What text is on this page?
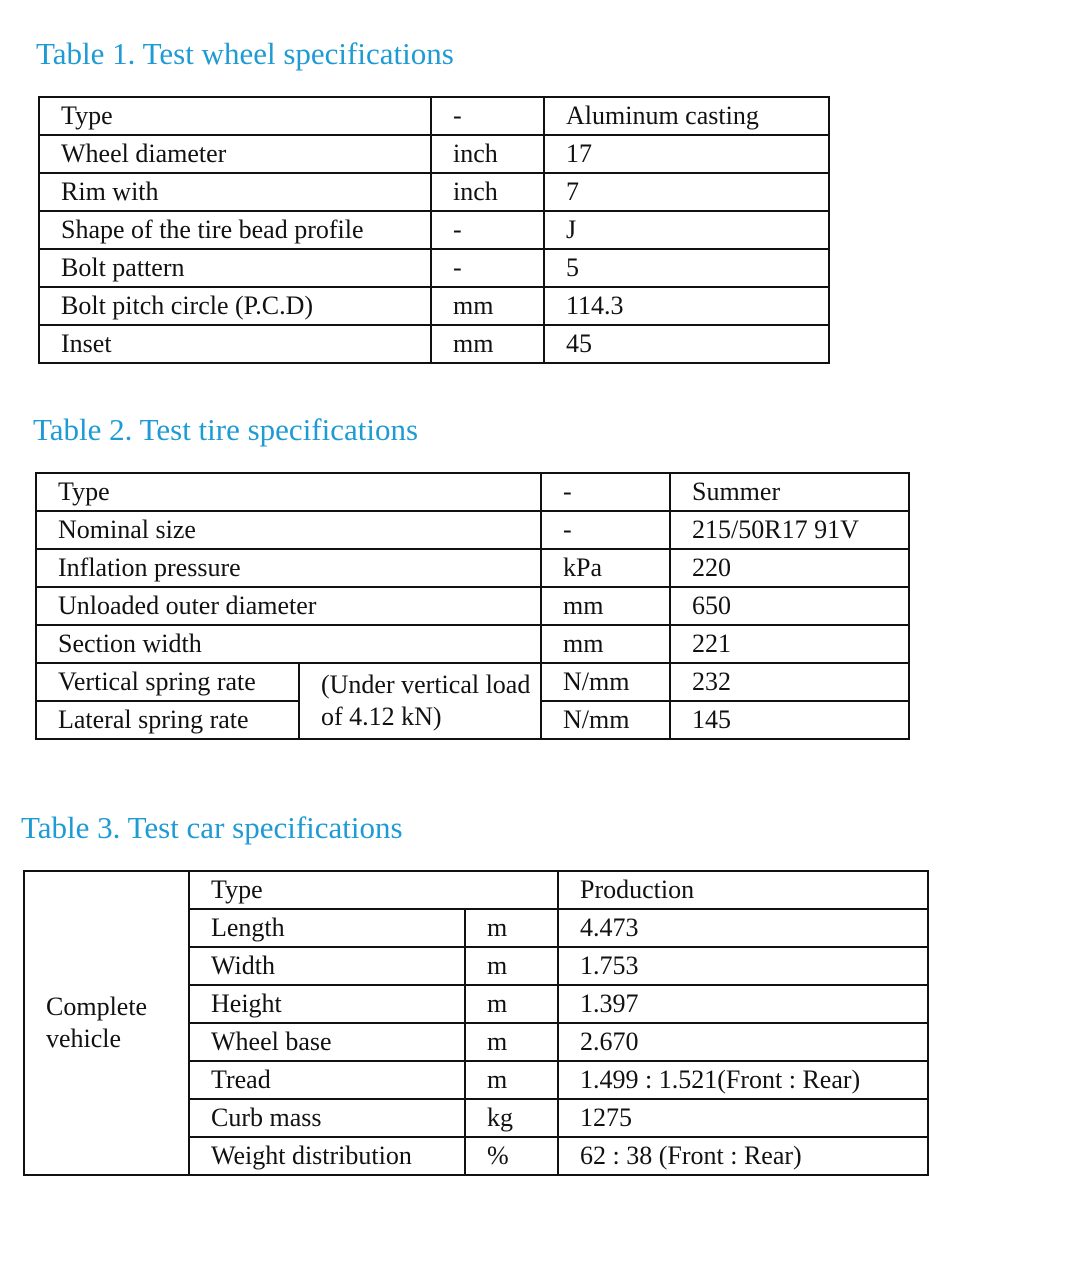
Table 1. Test wheel specifications
Type	-	Aluminum casting
Wheel diameter	inch	17
Rim with	inch	7
Shape of the tire bead profile	-	J
Bolt pattern	-	5
Bolt pitch circle (P.C.D)	mm	114.3
Inset	mm	45
Table 2. Test tire specifications
Type		-	Summer
Nominal size		-	215/50R17 91V
Inflation pressure		kPa	220
Unloaded outer diameter		mm	650
Section width		mm	221
Vertical spring rate	(Under vertical load of 4.12 kN)	N/mm	232
Lateral spring rate		N/mm	145
Table 3. Test car specifications
Complete vehicle	Type		Production
	Length	m	4.473
	Width	m	1.753
	Height	m	1.397
	Wheel base	m	2.670
	Tread	m	1.499 : 1.521(Front : Rear)
	Curb mass	kg	1275
	Weight distribution	%	62 : 38 (Front : Rear)
